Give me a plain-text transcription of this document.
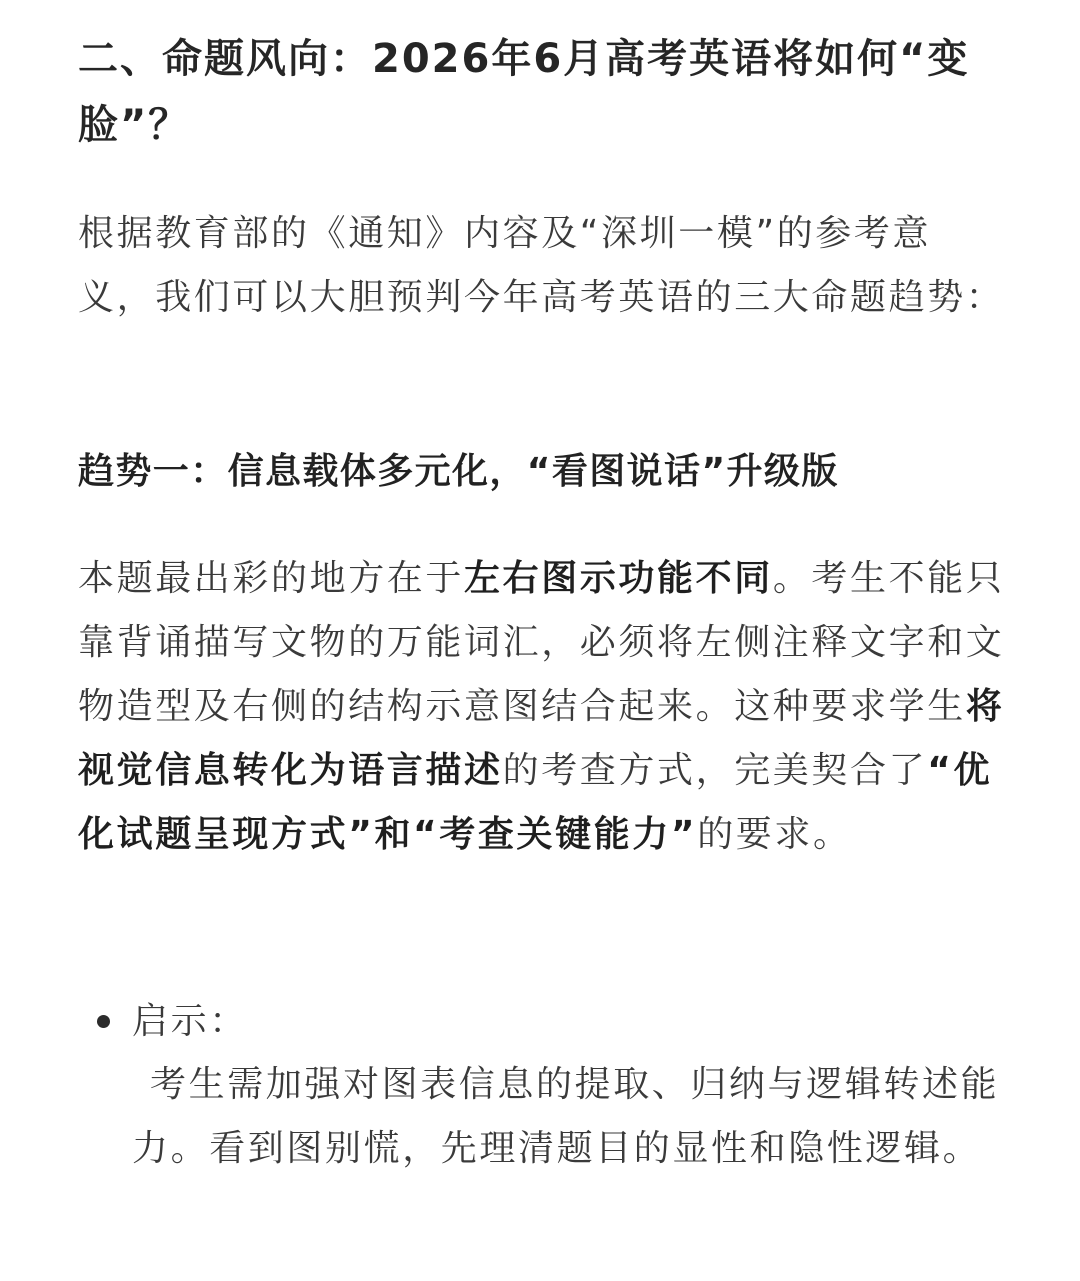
二、命题风向：2026年6月高考英语将如何“变脸”？

根据教育部的《通知》内容及“深圳一模”的参考意义，我们可以大胆预判今年高考英语的三大命题趋势：

趋势一：信息载体多元化，“看图说话”升级版

本题最出彩的地方在于左右图示功能不同。考生不能只靠背诵描写文物的万能词汇，必须将左侧注释文字和文物造型及右侧的结构示意图结合起来。这种要求学生将视觉信息转化为语言描述的考查方式，完美契合了“优化试题呈现方式”和“考查关键能力”的要求。

启示：

考生需加强对图表信息的提取、归纳与逻辑转述能力。看到图别慌，先理清题目的显性和隐性逻辑。
